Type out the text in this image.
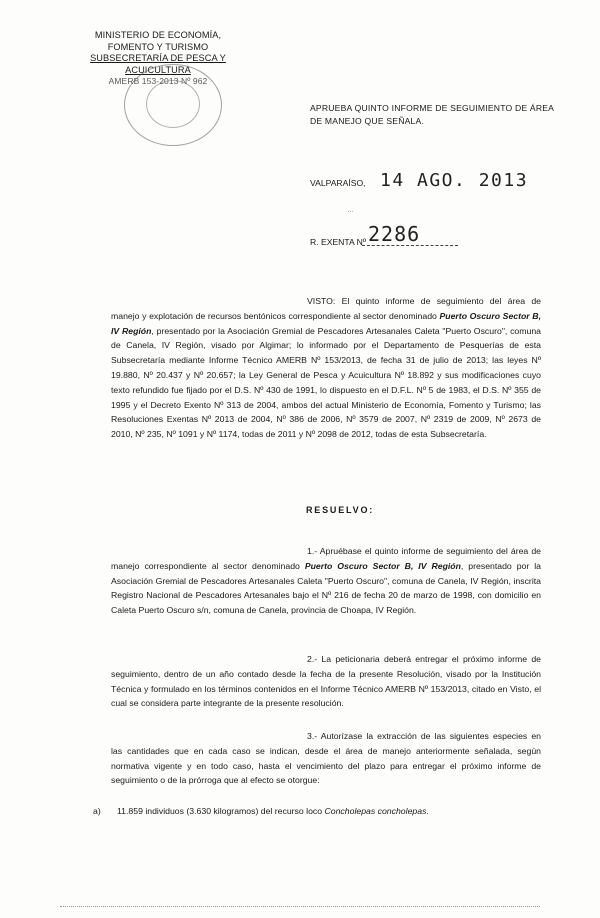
MINISTERIO DE ECONOMÍA,
FOMENTO Y TURISMO
SUBSECRETARÍA DE PESCA Y ACUICULTURA
AMERB 153-2013 Nº 962
APRUEBA QUINTO INFORME DE SEGUIMIENTO DE ÁREA DE MANEJO QUE SEÑALA.
VALPARAÍSO, 14 AGO. 2013
…
R. EXENTA Nº 2286
VISTO: El quinto informe de seguimiento del área de manejo y explotación de recursos bentónicos correspondiente al sector denominado Puerto Oscuro Sector B, IV Región, presentado por la Asociación Gremial de Pescadores Artesanales Caleta "Puerto Oscuro", comuna de Canela, IV Región, visado por Algimar; lo informado por el Departamento de Pesquerías de esta Subsecretaría mediante Informe Técnico AMERB Nº 153/2013, de fecha 31 de julio de 2013; las leyes Nº 19.880, Nº 20.437 y Nº 20.657; la Ley General de Pesca y Acuicultura Nº 18.892 y sus modificaciones cuyo texto refundido fue fijado por el D.S. Nº 430 de 1991, lo dispuesto en el D.F.L. Nº 5 de 1983, el D.S. Nº 355 de 1995 y el Decreto Exento Nº 313 de 2004, ambos del actual Ministerio de Economía, Fomento y Turismo; las Resoluciones Exentas Nº 2013 de 2004, Nº 386 de 2006, Nº 3579 de 2007, Nº 2319 de 2009, Nº 2673 de 2010, Nº 235, Nº 1091 y Nº 1174, todas de 2011 y Nº 2098 de 2012, todas de esta Subsecretaría.
RESUELVO:
1.- Apruébase el quinto informe de seguimiento del área de manejo correspondiente al sector denominado Puerto Oscuro Sector B, IV Región, presentado por la Asociación Gremial de Pescadores Artesanales Caleta "Puerto Oscuro", comuna de Canela, IV Región, inscrita Registro Nacional de Pescadores Artesanales bajo el Nº 216 de fecha 20 de marzo de 1998, con domicilio en Caleta Puerto Oscuro s/n, comuna de Canela, provincia de Choapa, IV Región.
2.- La peticionaria deberá entregar el próximo informe de seguimiento, dentro de un año contado desde la fecha de la presente Resolución, visado por la Institución Técnica y formulado en los términos contenidos en el Informe Técnico AMERB Nº 153/2013, citado en Visto, el cual se considera parte integrante de la presente resolución.
3.- Autorízase la extracción de las siguientes especies en las cantidades que en cada caso se indican, desde el área de manejo anteriormente señalada, según normativa vigente y en todo caso, hasta el vencimiento del plazo para entregar el próximo informe de seguimiento o de la prórroga que al efecto se otorgue:
a) 11.859 individuos (3.630 kilogramos) del recurso loco Concholepas concholepas.
